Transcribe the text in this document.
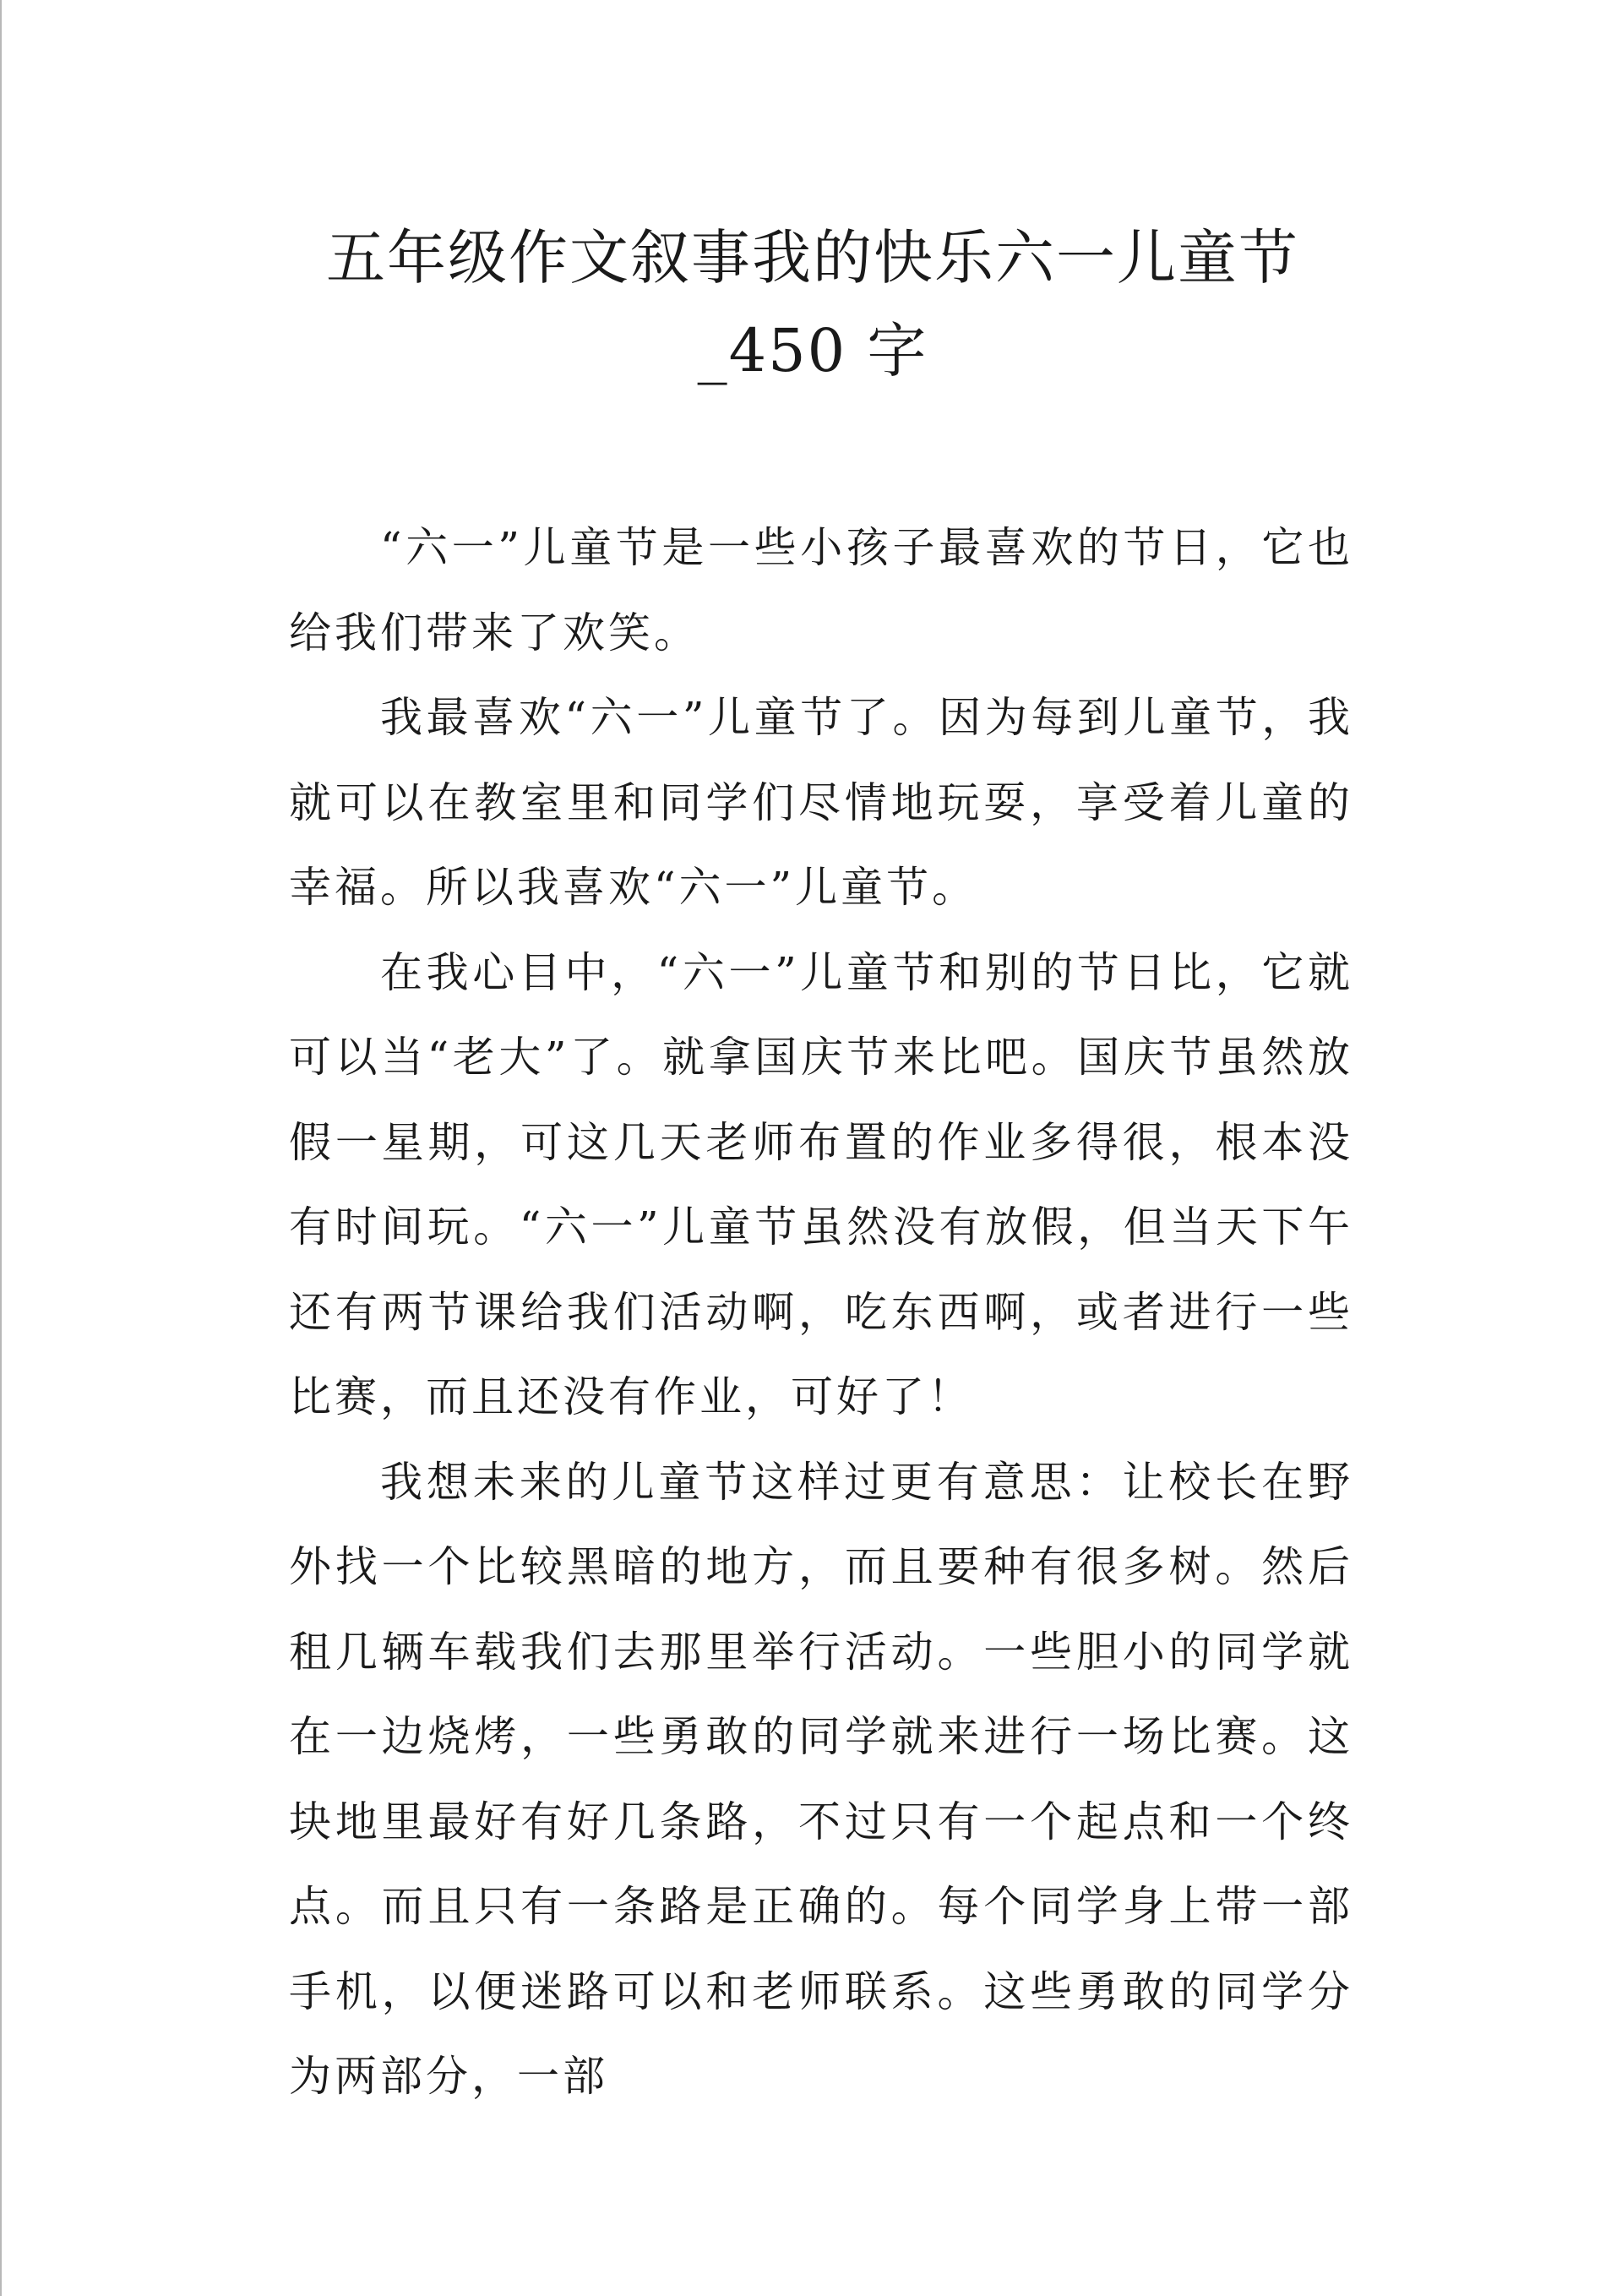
五年级作文叙事我的快乐六一儿童节
_450 字

“六一”儿童节是一些小孩子最喜欢的节日，它也给我们带来了欢笑。

我最喜欢“六一”儿童节了。因为每到儿童节，我就可以在教室里和同学们尽情地玩耍，享受着儿童的幸福。所以我喜欢“六一”儿童节。

在我心目中，“六一”儿童节和别的节日比，它就可以当“老大”了。就拿国庆节来比吧。国庆节虽然放假一星期，可这几天老师布置的作业多得很，根本没有时间玩。“六一”儿童节虽然没有放假，但当天下午还有两节课给我们活动啊，吃东西啊，或者进行一些比赛，而且还没有作业，可好了！

我想未来的儿童节这样过更有意思：让校长在野外找一个比较黑暗的地方，而且要种有很多树。然后租几辆车载我们去那里举行活动。一些胆小的同学就在一边烧烤，一些勇敢的同学就来进行一场比赛。这块地里最好有好几条路，不过只有一个起点和一个终点。而且只有一条路是正确的。每个同学身上带一部手机，以便迷路可以和老师联系。这些勇敢的同学分为两部分，一部
